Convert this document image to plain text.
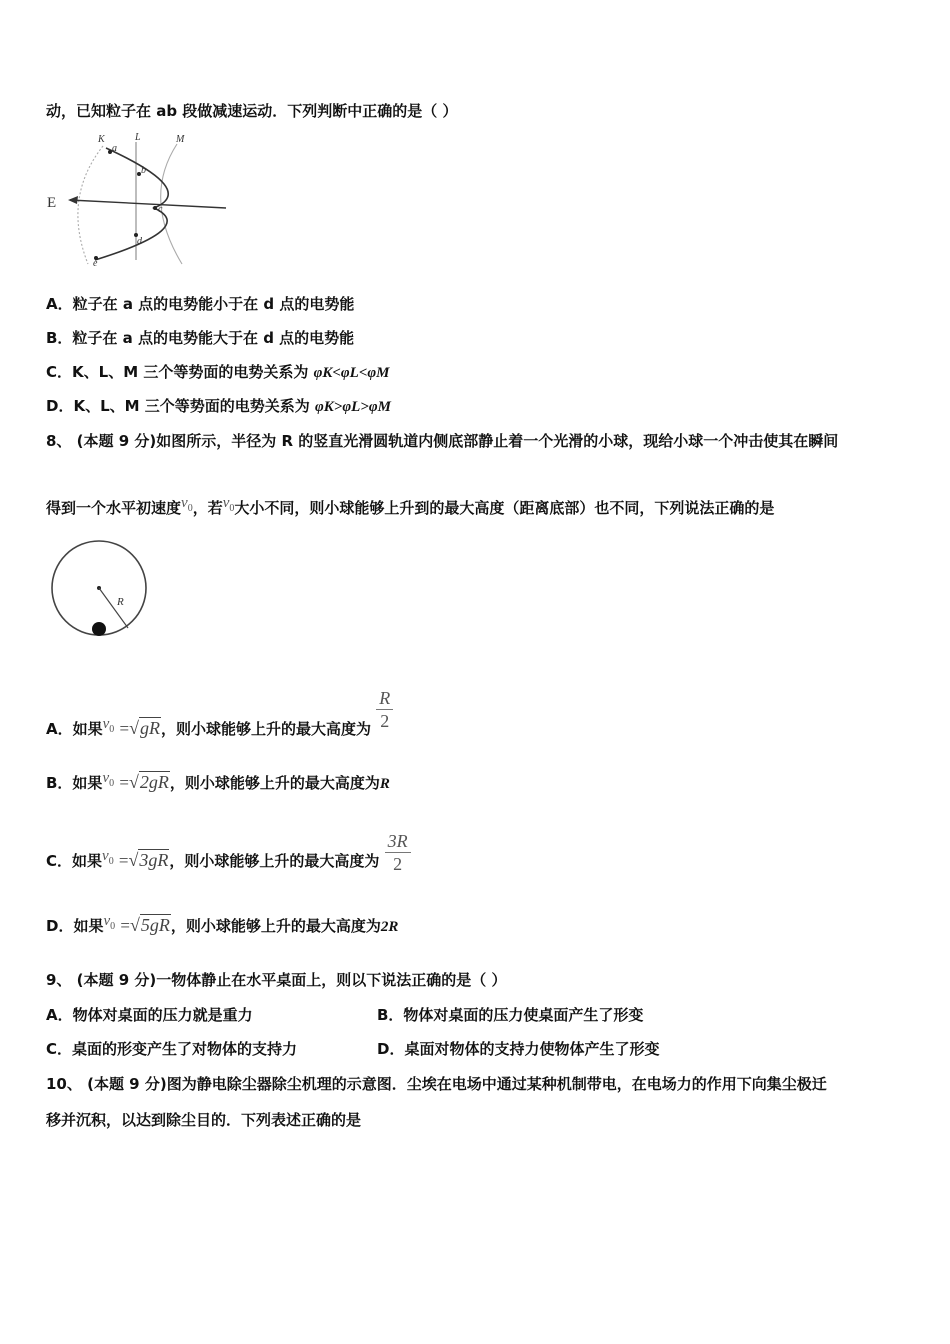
动，已知粒子在 ab 段做减速运动．下列判断中正确的是（ ）
K	L	M
a
b
c
d
e
E
A．粒子在 a 点的电势能小于在 d 点的电势能
B．粒子在 a 点的电势能大于在 d 点的电势能
C．K、L、M 三个等势面的电势关系为 φK<φL<φM
D．K、L、M 三个等势面的电势关系为 φK>φL>φM
8、 (本题 9 分)如图所示，半径为 R 的竖直光滑圆轨道内侧底部静止着一个光滑的小球，现给小球一个冲击使其在瞬间
得到一个水平初速度$v_0$，若$v_0$大小不同，则小球能够上升到的最大高度（距离底部）也不同，下列说法正确的是
R
A．如果$v_0 =√gR$，则小球能够上升的最大高度为 $\frac{R}{2}$
B．如果$v_0 =√2gR$，则小球能够上升的最大高度为R
C．如果$v_0 =√3gR$，则小球能够上升的最大高度为 $\frac{3R}{2}$
D．如果$v_0 =√5gR$，则小球能够上升的最大高度为2R
9、 (本题 9 分)一物体静止在水平桌面上，则以下说法正确的是（ ）
A．物体对桌面的压力就是重力	B．物体对桌面的压力使桌面产生了形变
C．桌面的形变产生了对物体的支持力	D．桌面对物体的支持力使物体产生了形变
10、 (本题 9 分)图为静电除尘器除尘机理的示意图．尘埃在电场中通过某种机制带电，在电场力的作用下向集尘极迁
移并沉积，以达到除尘目的．下列表述正确的是
